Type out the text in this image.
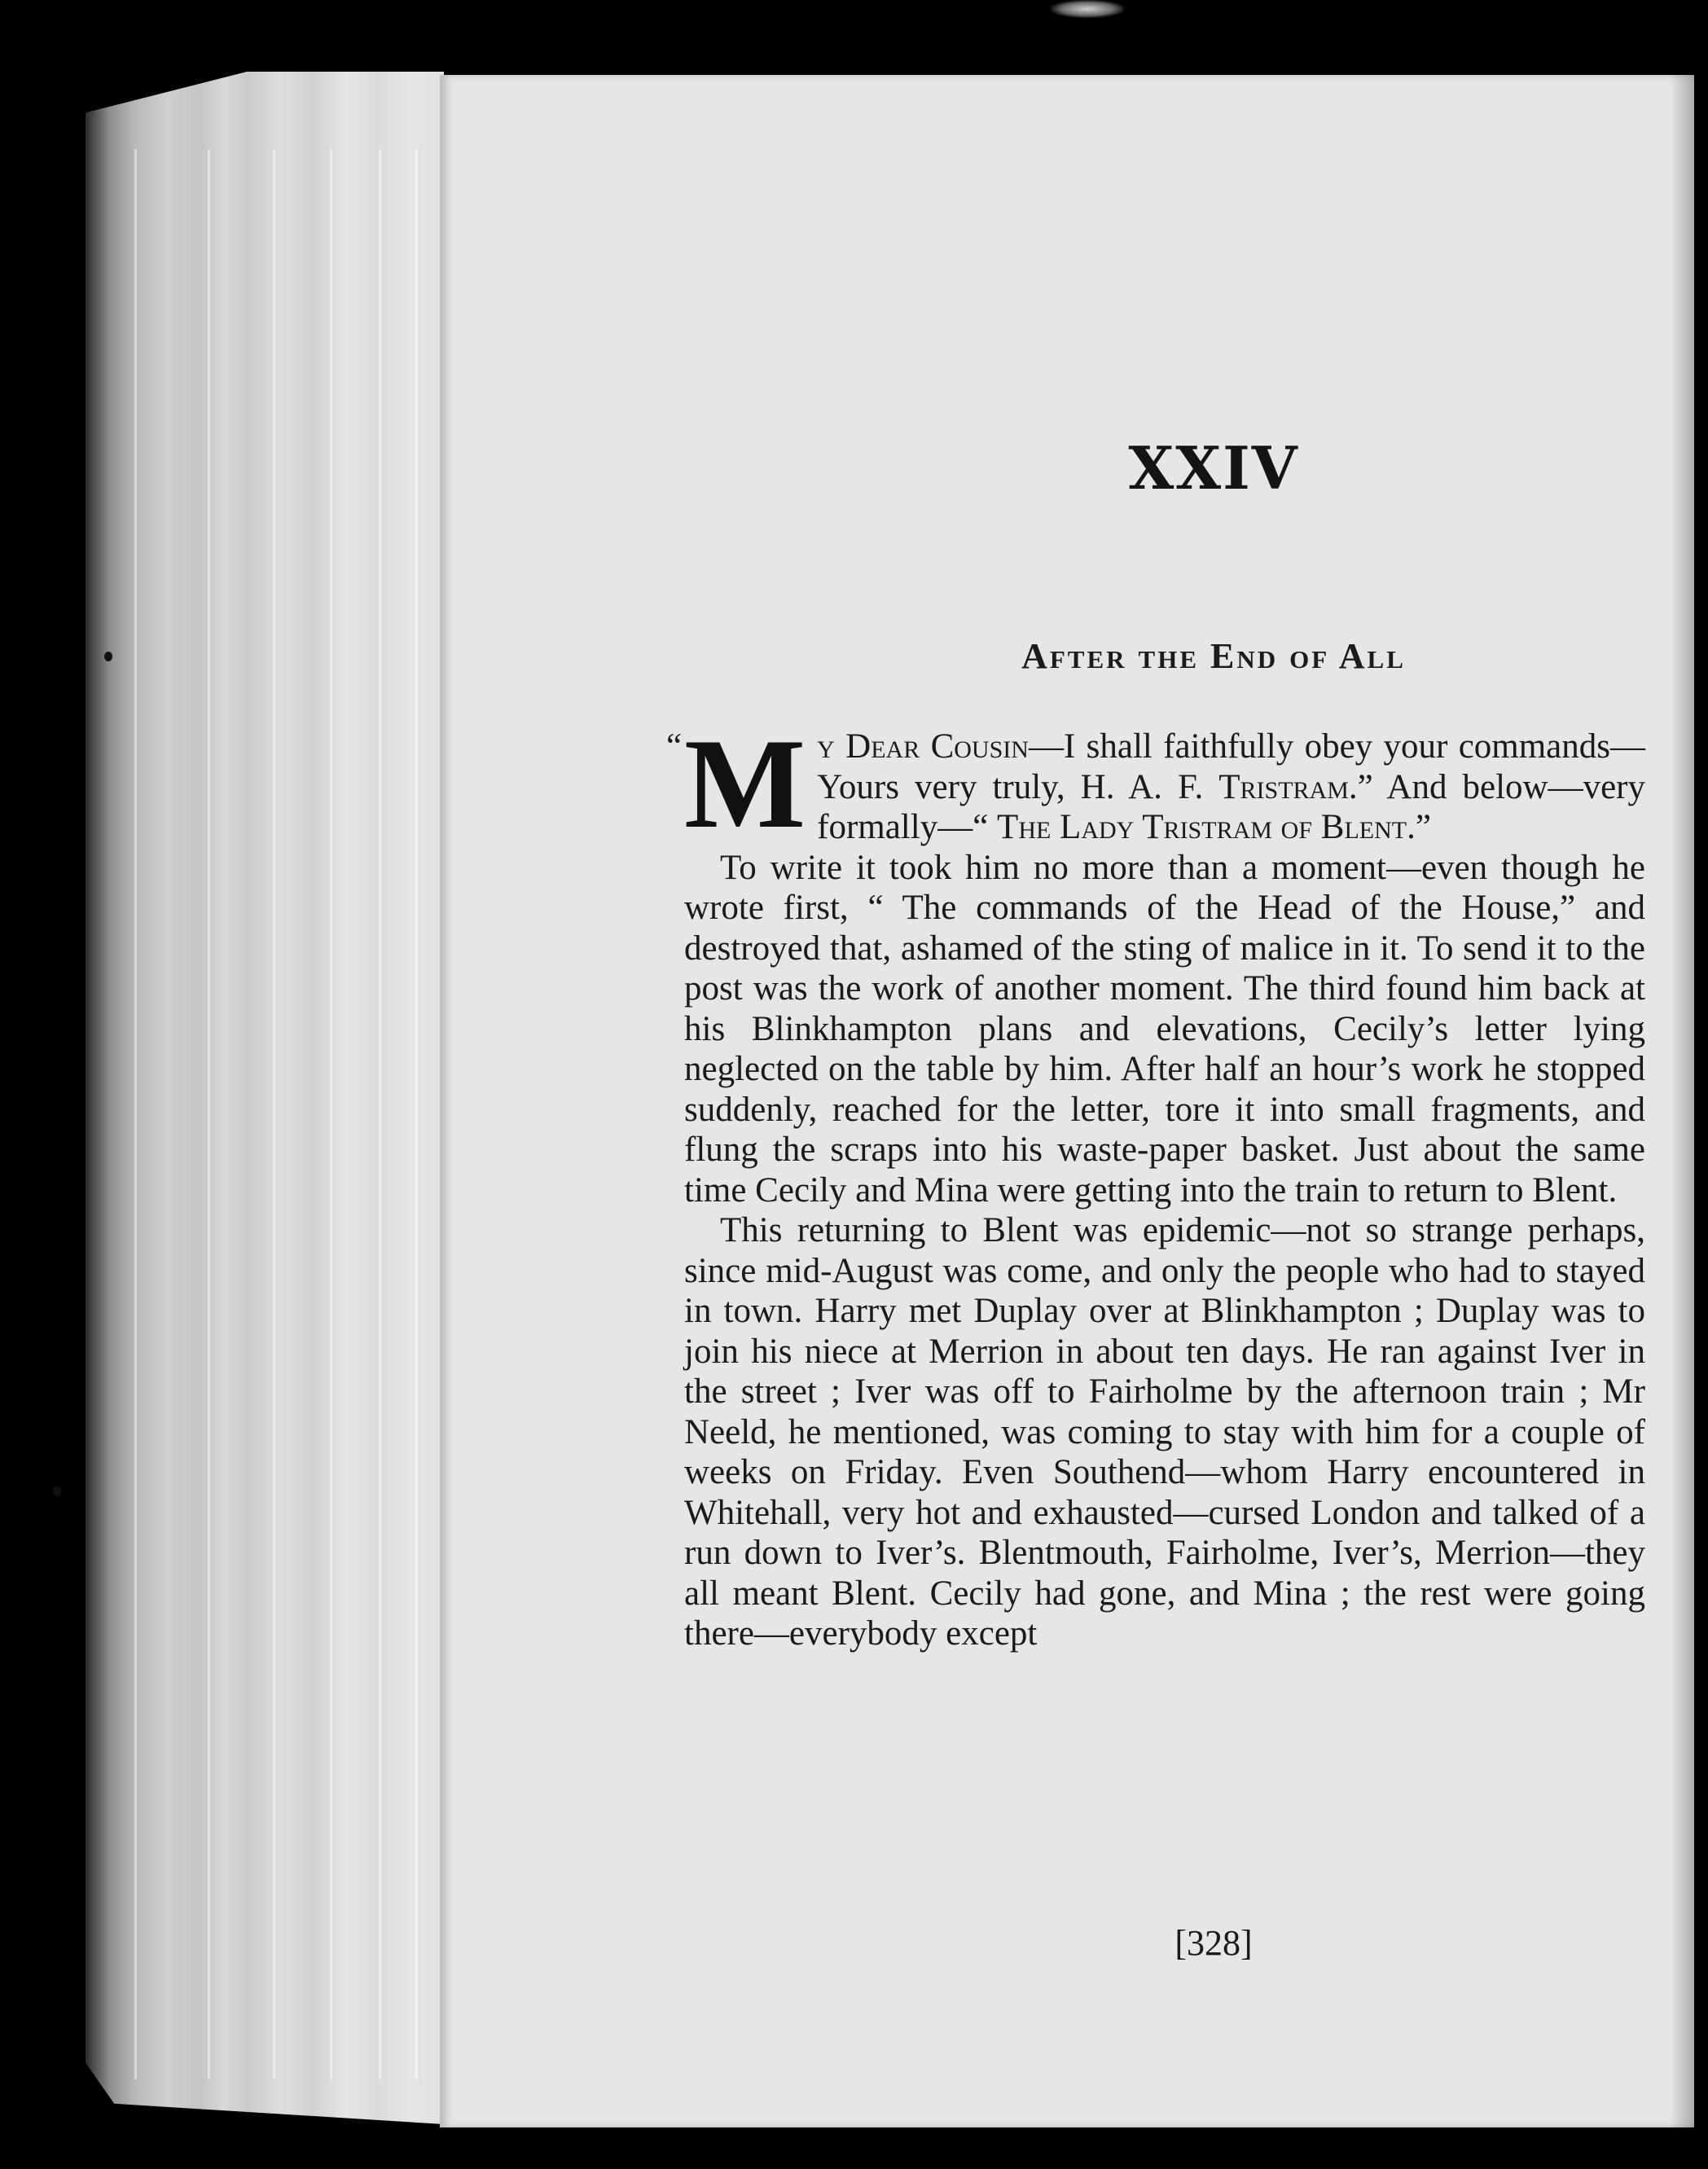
XXIV
After the End of All

“ M y Dear Cousin—I shall faithfully obey your commands—Yours very truly, H. A. F. Tristram.” And below—very formally—“ The Lady Tristram of Blent.”

To write it took him no more than a moment—even though he wrote first, “ The commands of the Head of the House,” and destroyed that, ashamed of the sting of malice in it. To send it to the post was the work of another moment. The third found him back at his Blinkhampton plans and elevations, Cecily’s letter lying neglected on the table by him. After half an hour’s work he stopped suddenly, reached for the letter, tore it into small fragments, and flung the scraps into his waste-paper basket. Just about the same time Cecily and Mina were getting into the train to return to Blent.

This returning to Blent was epidemic—not so strange perhaps, since mid-August was come, and only the people who had to stayed in town. Harry met Duplay over at Blinkhampton ; Duplay was to join his niece at Merrion in about ten days. He ran against Iver in the street ; Iver was off to Fairholme by the afternoon train ; Mr Neeld, he mentioned, was coming to stay with him for a couple of weeks on Friday. Even Southend—whom Harry encountered in Whitehall, very hot and exhausted—cursed London and talked of a run down to Iver’s. Blentmouth, Fairholme, Iver’s, Merrion—they all meant Blent. Cecily had gone, and Mina ; the rest were going there—everybody except

[328]
